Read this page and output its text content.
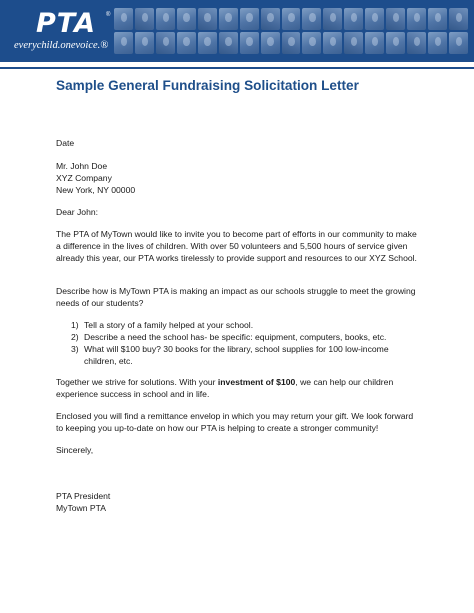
PTA ®
everychild.onevoice.®
Sample General Fundraising Solicitation Letter

Date

Mr. John Doe
XYZ Company
New York, NY 00000

Dear John:

The PTA of MyTown would like to invite you to become part of efforts in our community to make a difference in the lives of children. With over 50 volunteers and 5,500 hours of service given already this year, our PTA works tirelessly to provide support and resources to our XYZ School.

Describe how is MyTown PTA is making an impact as our schools struggle to meet the growing needs of our students?

1) Tell a story of a family helped at your school.
2) Describe a need the school has- be specific: equipment, computers, books, etc.
3) What will $100 buy? 30 books for the library, school supplies for 100 low-income children, etc.

Together we strive for solutions. With your investment of $100, we can help our children experience success in school and in life.

Enclosed you will find a remittance envelop in which you may return your gift. We look forward to keeping you up-to-date on how our PTA is helping to create a stronger community!

Sincerely,

PTA President
MyTown PTA
